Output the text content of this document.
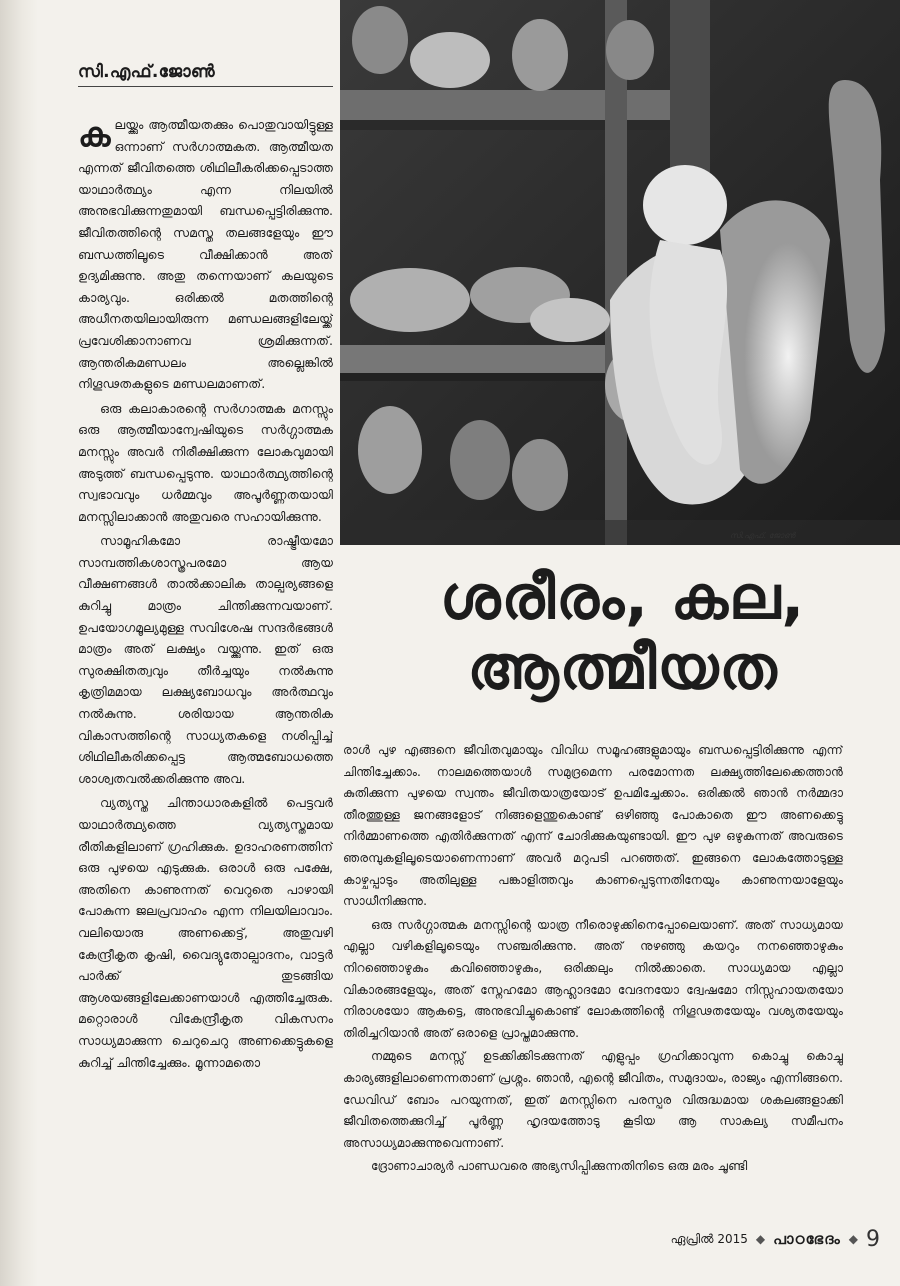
സി.എഫ്.ജോൺ

കലയ്ക്കും ആത്മീയതക്കും പൊതുവായിട്ടുള്ള ഒന്നാണ് സർഗാത്മകത. ആത്മീയത എന്നത് ജീവിതത്തെ ശിഥിലീകരിക്കപ്പെടാത്ത യാഥാർത്ഥ്യം എന്ന നിലയിൽ അനുഭവിക്കുന്നതുമായി ബന്ധപ്പെട്ടിരിക്കുന്നു. ജീവിതത്തിന്റെ സമസ്ത തലങ്ങളേയും ഈ ബന്ധത്തിലൂടെ വീക്ഷിക്കാൻ അത് ഉദ്യമിക്കുന്നു. അതു തന്നെയാണ് കലയുടെ കാര്യവും. ഒരിക്കൽ മതത്തിന്റെ അധീനതയിലായിരുന്ന മണ്ഡലങ്ങളിലേയ്ക്ക് പ്രവേശിക്കാനാണവ ശ്രമിക്കുന്നത്. ആന്തരികമണ്ഡലം അല്ലെങ്കിൽ നിഗൂഢതകളുടെ മണ്ഡലമാണത്.

ഒരു കലാകാരന്റെ സർഗാത്മക മനസ്സും ഒരു ആത്മീയാന്വേഷിയുടെ സർഗ്ഗാത്മക മനസ്സും അവർ നിരീക്ഷിക്കുന്ന ലോകവുമായി അടുത്ത് ബന്ധപ്പെടുന്നു. യാഥാർത്ഥ്യത്തിന്റെ സ്വഭാവവും ധർമ്മവും അപൂർണ്ണതയായി മനസ്സിലാക്കാൻ അതുവരെ സഹായിക്കുന്നു.

സാമൂഹികമോ രാഷ്ട്രീയമോ സാമ്പത്തികശാസ്ത്രപരമോ ആയ വീക്ഷണങ്ങൾ താൽക്കാലിക താല്പര്യങ്ങളെ കുറിച്ചു മാത്രം ചിന്തിക്കുന്നവയാണ്. ഉപയോഗമൂല്യമുള്ള സവിശേഷ സന്ദർഭങ്ങൾ മാത്രം അത് ലക്ഷ്യം വയ്ക്കുന്നു. ഇത് ഒരു സുരക്ഷിതത്വവും തീർച്ചയും നൽകുന്നു കൃത്രിമമായ ലക്ഷ്യബോധവും അർത്ഥവും നൽകുന്നു. ശരിയായ ആന്തരിക വികാസത്തിന്റെ സാധ്യതകളെ നശിപ്പിച്ച് ശിഥിലീകരിക്കപ്പെട്ട ആത്മബോധത്തെ ശാശ്വതവൽക്കരിക്കുന്നു അവ.

വ്യത്യസ്ത ചിന്താധാരകളിൽ പെട്ടവർ യാഥാർത്ഥ്യത്തെ വ്യത്യസ്തമായ രീതികളിലാണ് ഗ്രഹിക്കുക. ഉദാഹരണത്തിന് ഒരു പുഴയെ എടുക്കുക. ഒരാൾ ഒരു പക്ഷേ, അതിനെ കാണുന്നത് വെറുതെ പാഴായി പോകുന്ന ജലപ്രവാഹം എന്ന നിലയിലാവാം. വലിയൊരു അണക്കെട്ട്, അതുവഴി കേന്ദ്രീകൃത കൃഷി, വൈദ്യുതോല്പാദനം, വാട്ടർ പാർക്ക് തുടങ്ങിയ ആശയങ്ങളിലേക്കാണയാൾ എത്തിച്ചേരുക. മറ്റൊരാൾ വികേന്ദ്രീകൃത വികസനം സാധ്യമാക്കുന്ന ചെറുചെറു അണക്കെട്ടുകളെ കുറിച്ച് ചിന്തിച്ചേക്കും. മൂന്നാമതൊ

സി.എഫ്. ജോൺ
ശരീരം, കല,
ആത്മീയത

രാൾ പുഴ എങ്ങനെ ജീവിതവുമായും വിവിധ സമൂഹങ്ങളുമായും ബന്ധപ്പെട്ടിരിക്കുന്നു എന്ന് ചിന്തിച്ചേക്കാം. നാലമത്തെയാൾ സമുദ്രമെന്ന പരമോന്നത ലക്ഷ്യത്തിലേക്കെത്താൻ കുതിക്കുന്ന പുഴയെ സ്വന്തം ജീവിതയാത്രയോട് ഉപമിച്ചേക്കാം. ഒരിക്കൽ ഞാൻ നർമ്മദാ തീരത്തുള്ള ജനങ്ങളോട് നിങ്ങളെന്തുകൊണ്ട് ഒഴിഞ്ഞു പോകാതെ ഈ അണക്കെട്ടു നിർമ്മാണത്തെ എതിർക്കുന്നത് എന്ന് ചോദിക്കുകയുണ്ടായി. ഈ പുഴ ഒഴുകുന്നത് അവരുടെ ഞരമ്പുകളിലൂടെയാണെന്നാണ് അവർ മറുപടി പറഞ്ഞത്. ഇങ്ങനെ ലോകത്തോടുള്ള കാഴ്ചപ്പാടും അതിലുള്ള പങ്കാളിത്തവും കാണപ്പെടുന്നതിനേയും കാണുന്നയാളേയും സാധീനിക്കുന്നു.

ഒരു സർഗ്ഗാത്മക മനസ്സിന്റെ യാത്ര നീരൊഴുക്കിനെപ്പോലെയാണ്. അത് സാധ്യമായ എല്ലാ വഴികളിലൂടെയും സഞ്ചരിക്കുന്നു. അത് നുഴഞ്ഞു കയറും നനഞ്ഞൊഴുകും നിറഞ്ഞൊഴുകും കവിഞ്ഞൊഴുകും, ഒരിക്കലും നിൽക്കാതെ. സാധ്യമായ എല്ലാ വികാരങ്ങളേയും, അത് സ്നേഹമോ ആഹ്ലാദമോ വേദനയോ ദ്വേഷമോ നിസ്സഹായതയോ നിരാശയോ ആകട്ടെ, അനുഭവിച്ചുകൊണ്ട് ലോകത്തിന്റെ നിഗൂഢതയേയും വശ്യതയേയും തിരിച്ചറിയാൻ അത് ഒരാളെ പ്രാപ്തമാക്കുന്നു.

നമ്മുടെ മനസ്സ് ഉടക്കിക്കിടക്കുന്നത് എളുപ്പം ഗ്രഹിക്കാവുന്ന കൊച്ചു കൊച്ചു കാര്യങ്ങളിലാണെന്നതാണ് പ്രശ്നം. ഞാൻ, എന്റെ ജീവിതം, സമുദായം, രാജ്യം എന്നിങ്ങനെ. ഡേവിഡ് ബോം പറയുന്നത്, ഇത് മനസ്സിനെ പരസ്പര വിരുദ്ധമായ ശകലങ്ങളാക്കി ജീവിതത്തെക്കുറിച്ച് പൂർണ്ണ ഹൃദയത്തോടു കൂടിയ ആ സാകല്യ സമീപനം അസാധ്യമാക്കുന്നുവെന്നാണ്.

ദ്രോണാചാര്യർ പാണ്ഡവരെ അഭ്യസിപ്പിക്കുന്നതിനിടെ ഒരു മരം ചൂണ്ടി

ഏപ്രിൽ 2015 ◆ പാഠഭേദം ◆ 9
